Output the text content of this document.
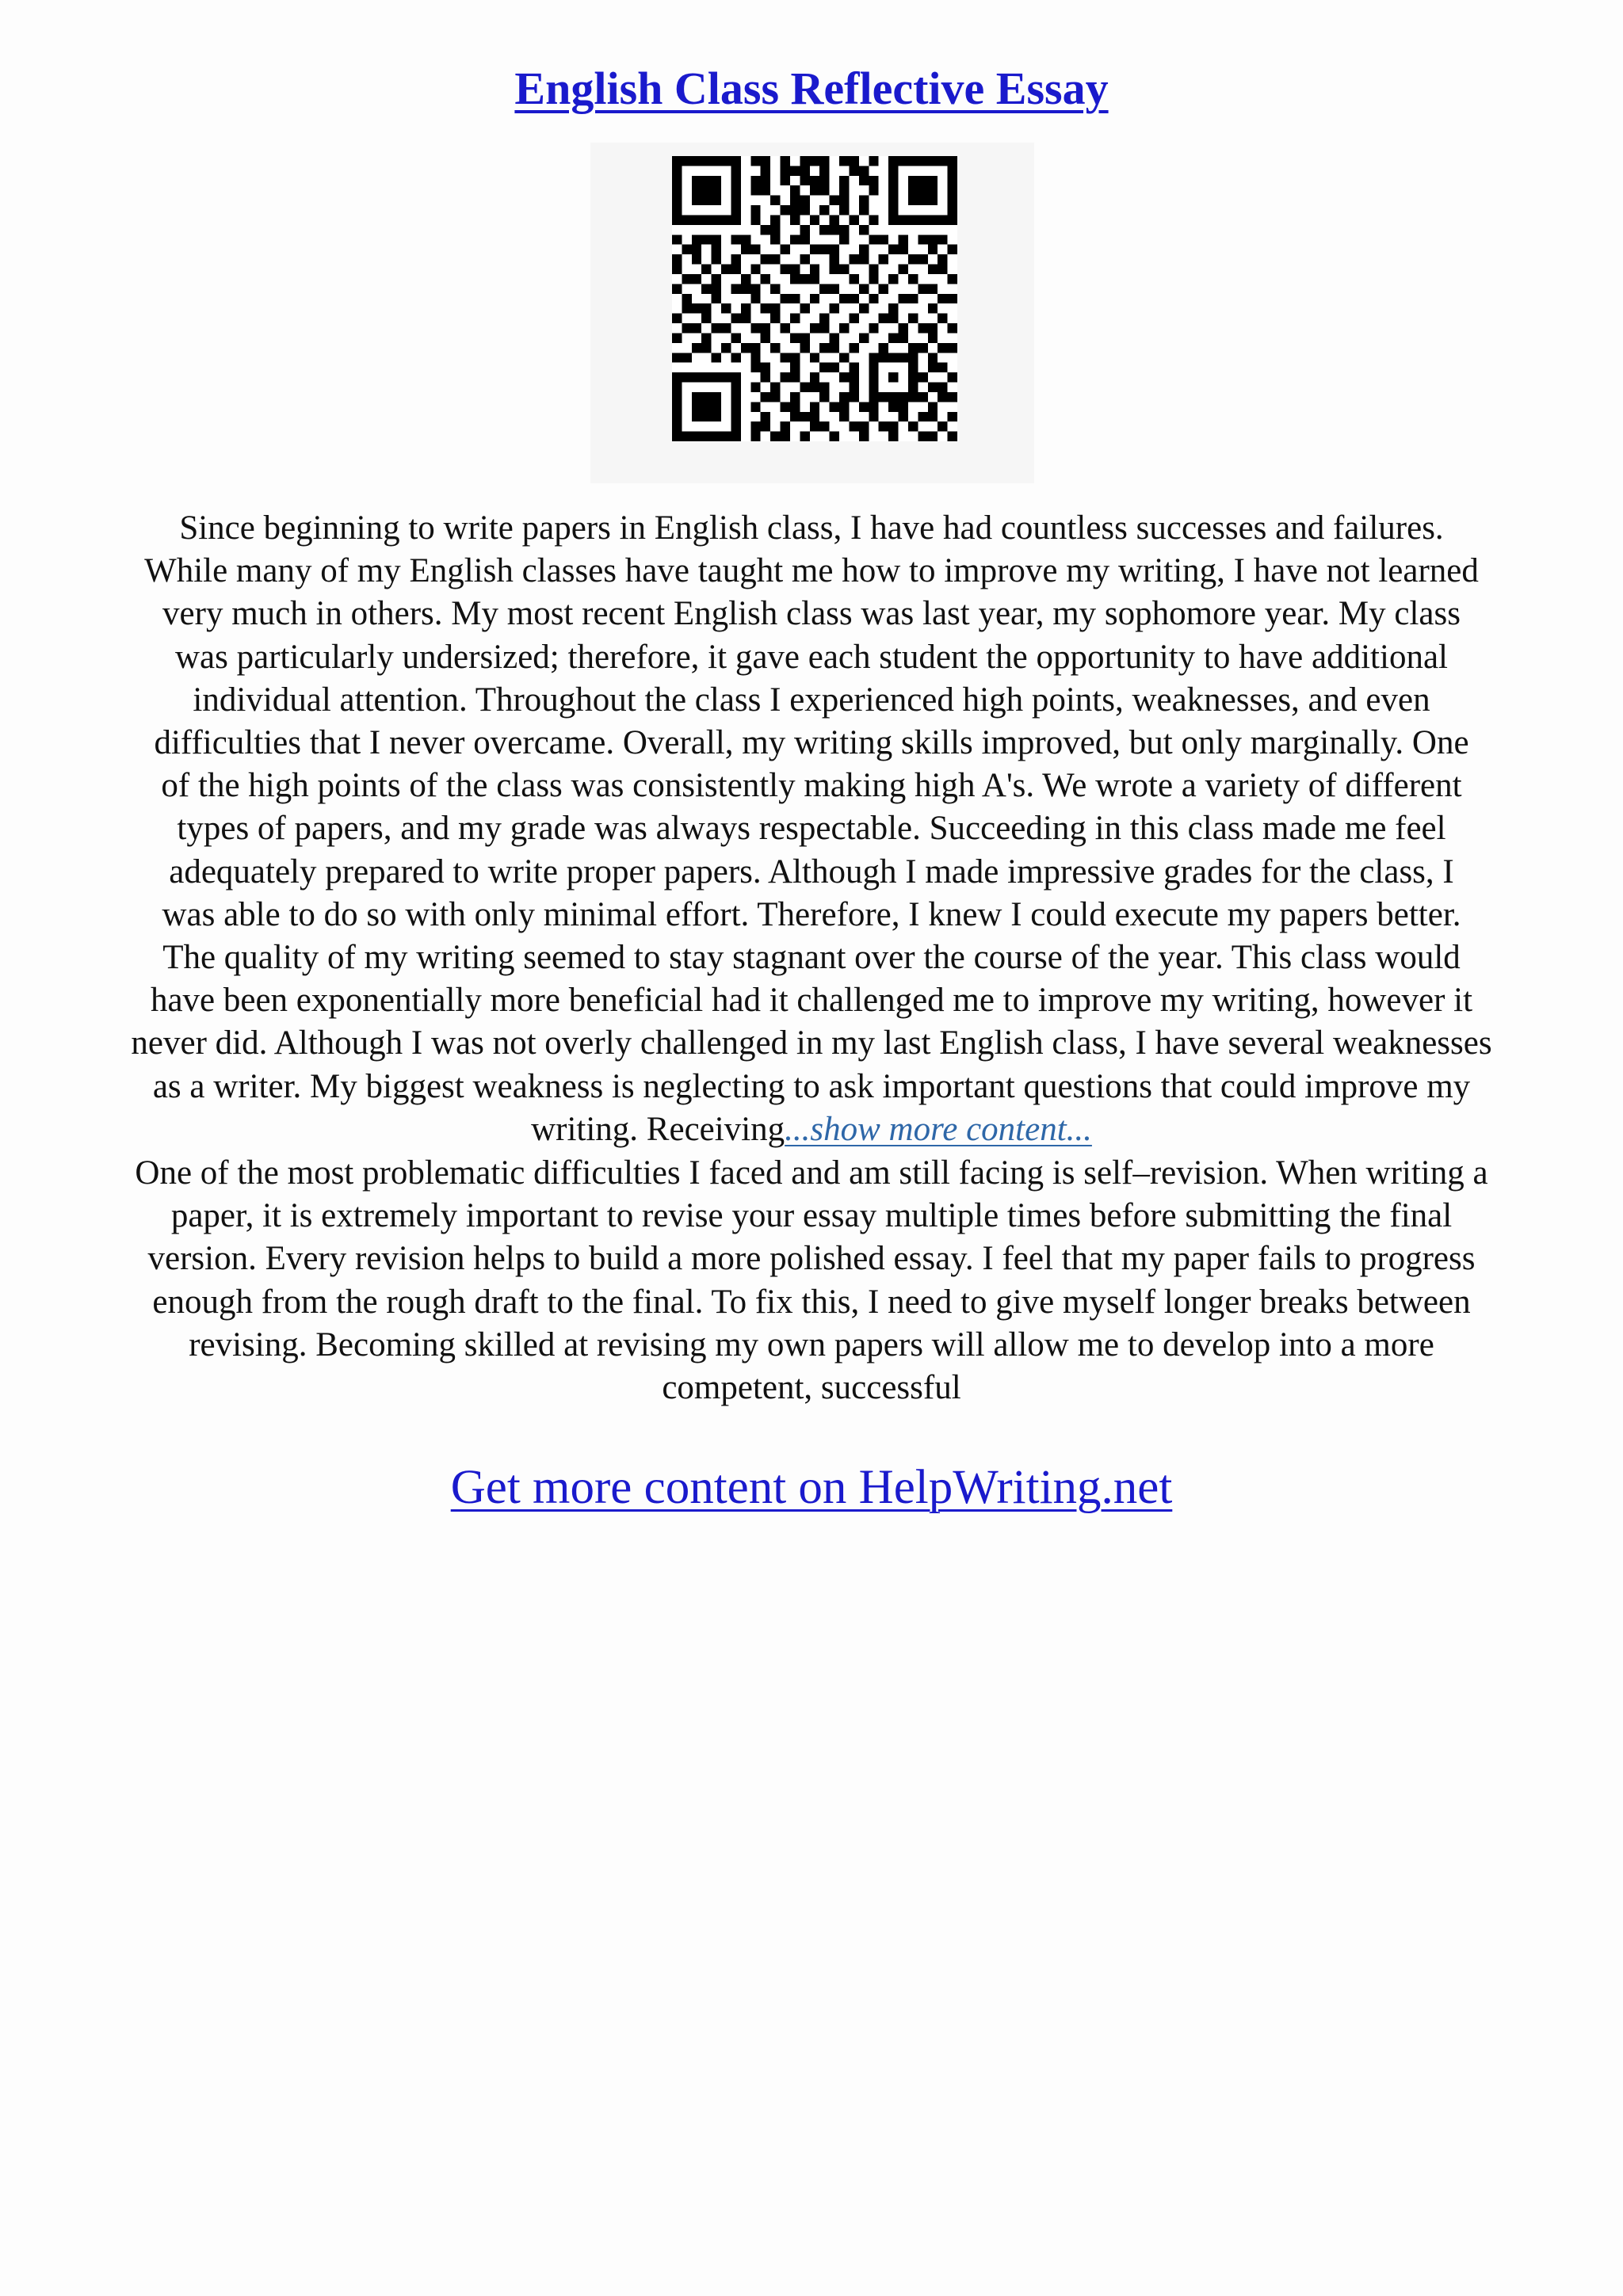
English Class Reflective Essay

Since beginning to write papers in English class, I have had countless successes and failures.
While many of my English classes have taught me how to improve my writing, I have not learned
very much in others. My most recent English class was last year, my sophomore year. My class
was particularly undersized; therefore, it gave each student the opportunity to have additional
individual attention. Throughout the class I experienced high points, weaknesses, and even
difficulties that I never overcame. Overall, my writing skills improved, but only marginally. One
of the high points of the class was consistently making high A's. We wrote a variety of different
types of papers, and my grade was always respectable. Succeeding in this class made me feel
adequately prepared to write proper papers. Although I made impressive grades for the class, I
was able to do so with only minimal effort. Therefore, I knew I could execute my papers better.
The quality of my writing seemed to stay stagnant over the course of the year. This class would
have been exponentially more beneficial had it challenged me to improve my writing, however it
never did. Although I was not overly challenged in my last English class, I have several weaknesses
as a writer. My biggest weakness is neglecting to ask important questions that could improve my
writing. Receiving...show more content...

One of the most problematic difficulties I faced and am still facing is self–revision. When writing a
paper, it is extremely important to revise your essay multiple times before submitting the final
version. Every revision helps to build a more polished essay. I feel that my paper fails to progress
enough from the rough draft to the final. To fix this, I need to give myself longer breaks between
revising. Becoming skilled at revising my own papers will allow me to develop into a more
competent, successful

Get more content on HelpWriting.net
